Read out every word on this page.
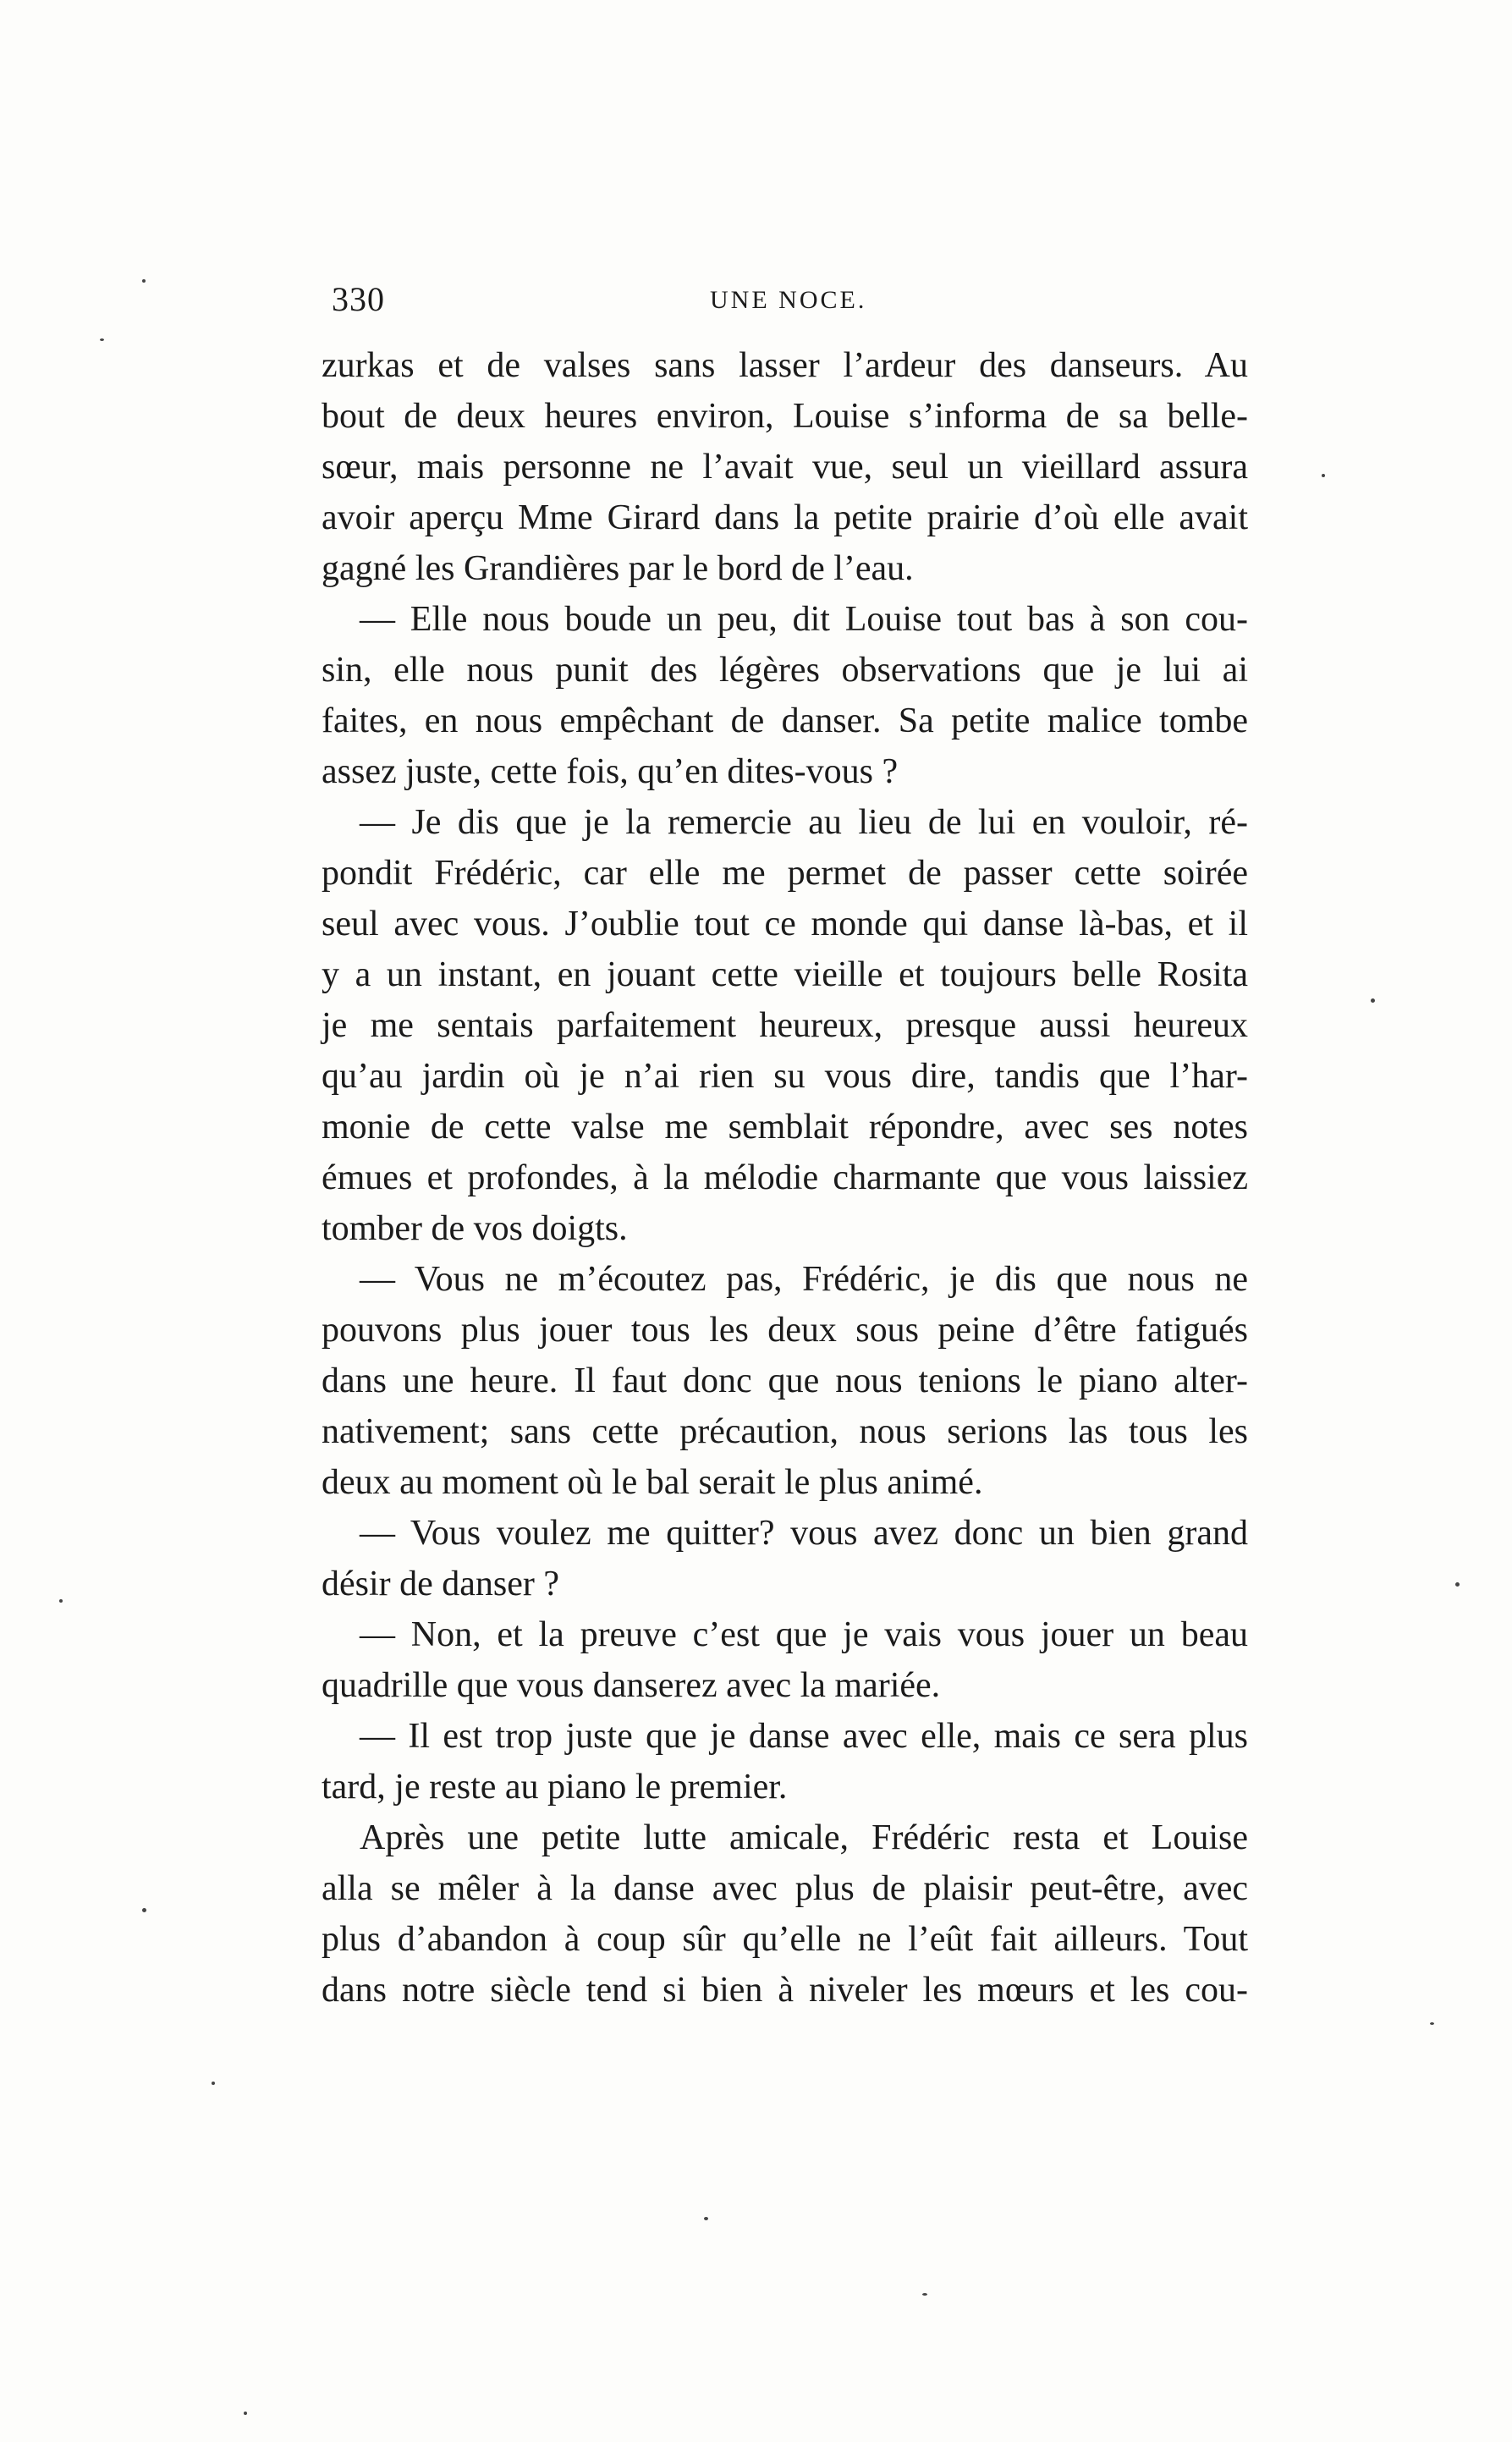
330	UNE NOCE.
zurkas et de valses sans lasser l’ardeur des danseurs. Au
bout de deux heures environ, Louise s’informa de sa belle-
sœur, mais personne ne l’avait vue, seul un vieillard assura
avoir aperçu Mme Girard dans la petite prairie d’où elle avait
gagné les Grandières par le bord de l’eau.
— Elle nous boude un peu, dit Louise tout bas à son cou-
sin, elle nous punit des légères observations que je lui ai
faites, en nous empêchant de danser. Sa petite malice tombe
assez juste, cette fois, qu’en dites-vous ?
— Je dis que je la remercie au lieu de lui en vouloir, ré-
pondit Frédéric, car elle me permet de passer cette soirée
seul avec vous. J’oublie tout ce monde qui danse là-bas, et il
y a un instant, en jouant cette vieille et toujours belle Rosita
je me sentais parfaitement heureux, presque aussi heureux
qu’au jardin où je n’ai rien su vous dire, tandis que l’har-
monie de cette valse me semblait répondre, avec ses notes
émues et profondes, à la mélodie charmante que vous laissiez
tomber de vos doigts.
— Vous ne m’écoutez pas, Frédéric, je dis que nous ne
pouvons plus jouer tous les deux sous peine d’être fatigués
dans une heure. Il faut donc que nous tenions le piano alter-
nativement; sans cette précaution, nous serions las tous les
deux au moment où le bal serait le plus animé.
— Vous voulez me quitter? vous avez donc un bien grand
désir de danser ?
— Non, et la preuve c’est que je vais vous jouer un beau
quadrille que vous danserez avec la mariée.
— Il est trop juste que je danse avec elle, mais ce sera plus
tard, je reste au piano le premier.
Après une petite lutte amicale, Frédéric resta et Louise
alla se mêler à la danse avec plus de plaisir peut-être, avec
plus d’abandon à coup sûr qu’elle ne l’eût fait ailleurs. Tout
dans notre siècle tend si bien à niveler les mœurs et les cou-
